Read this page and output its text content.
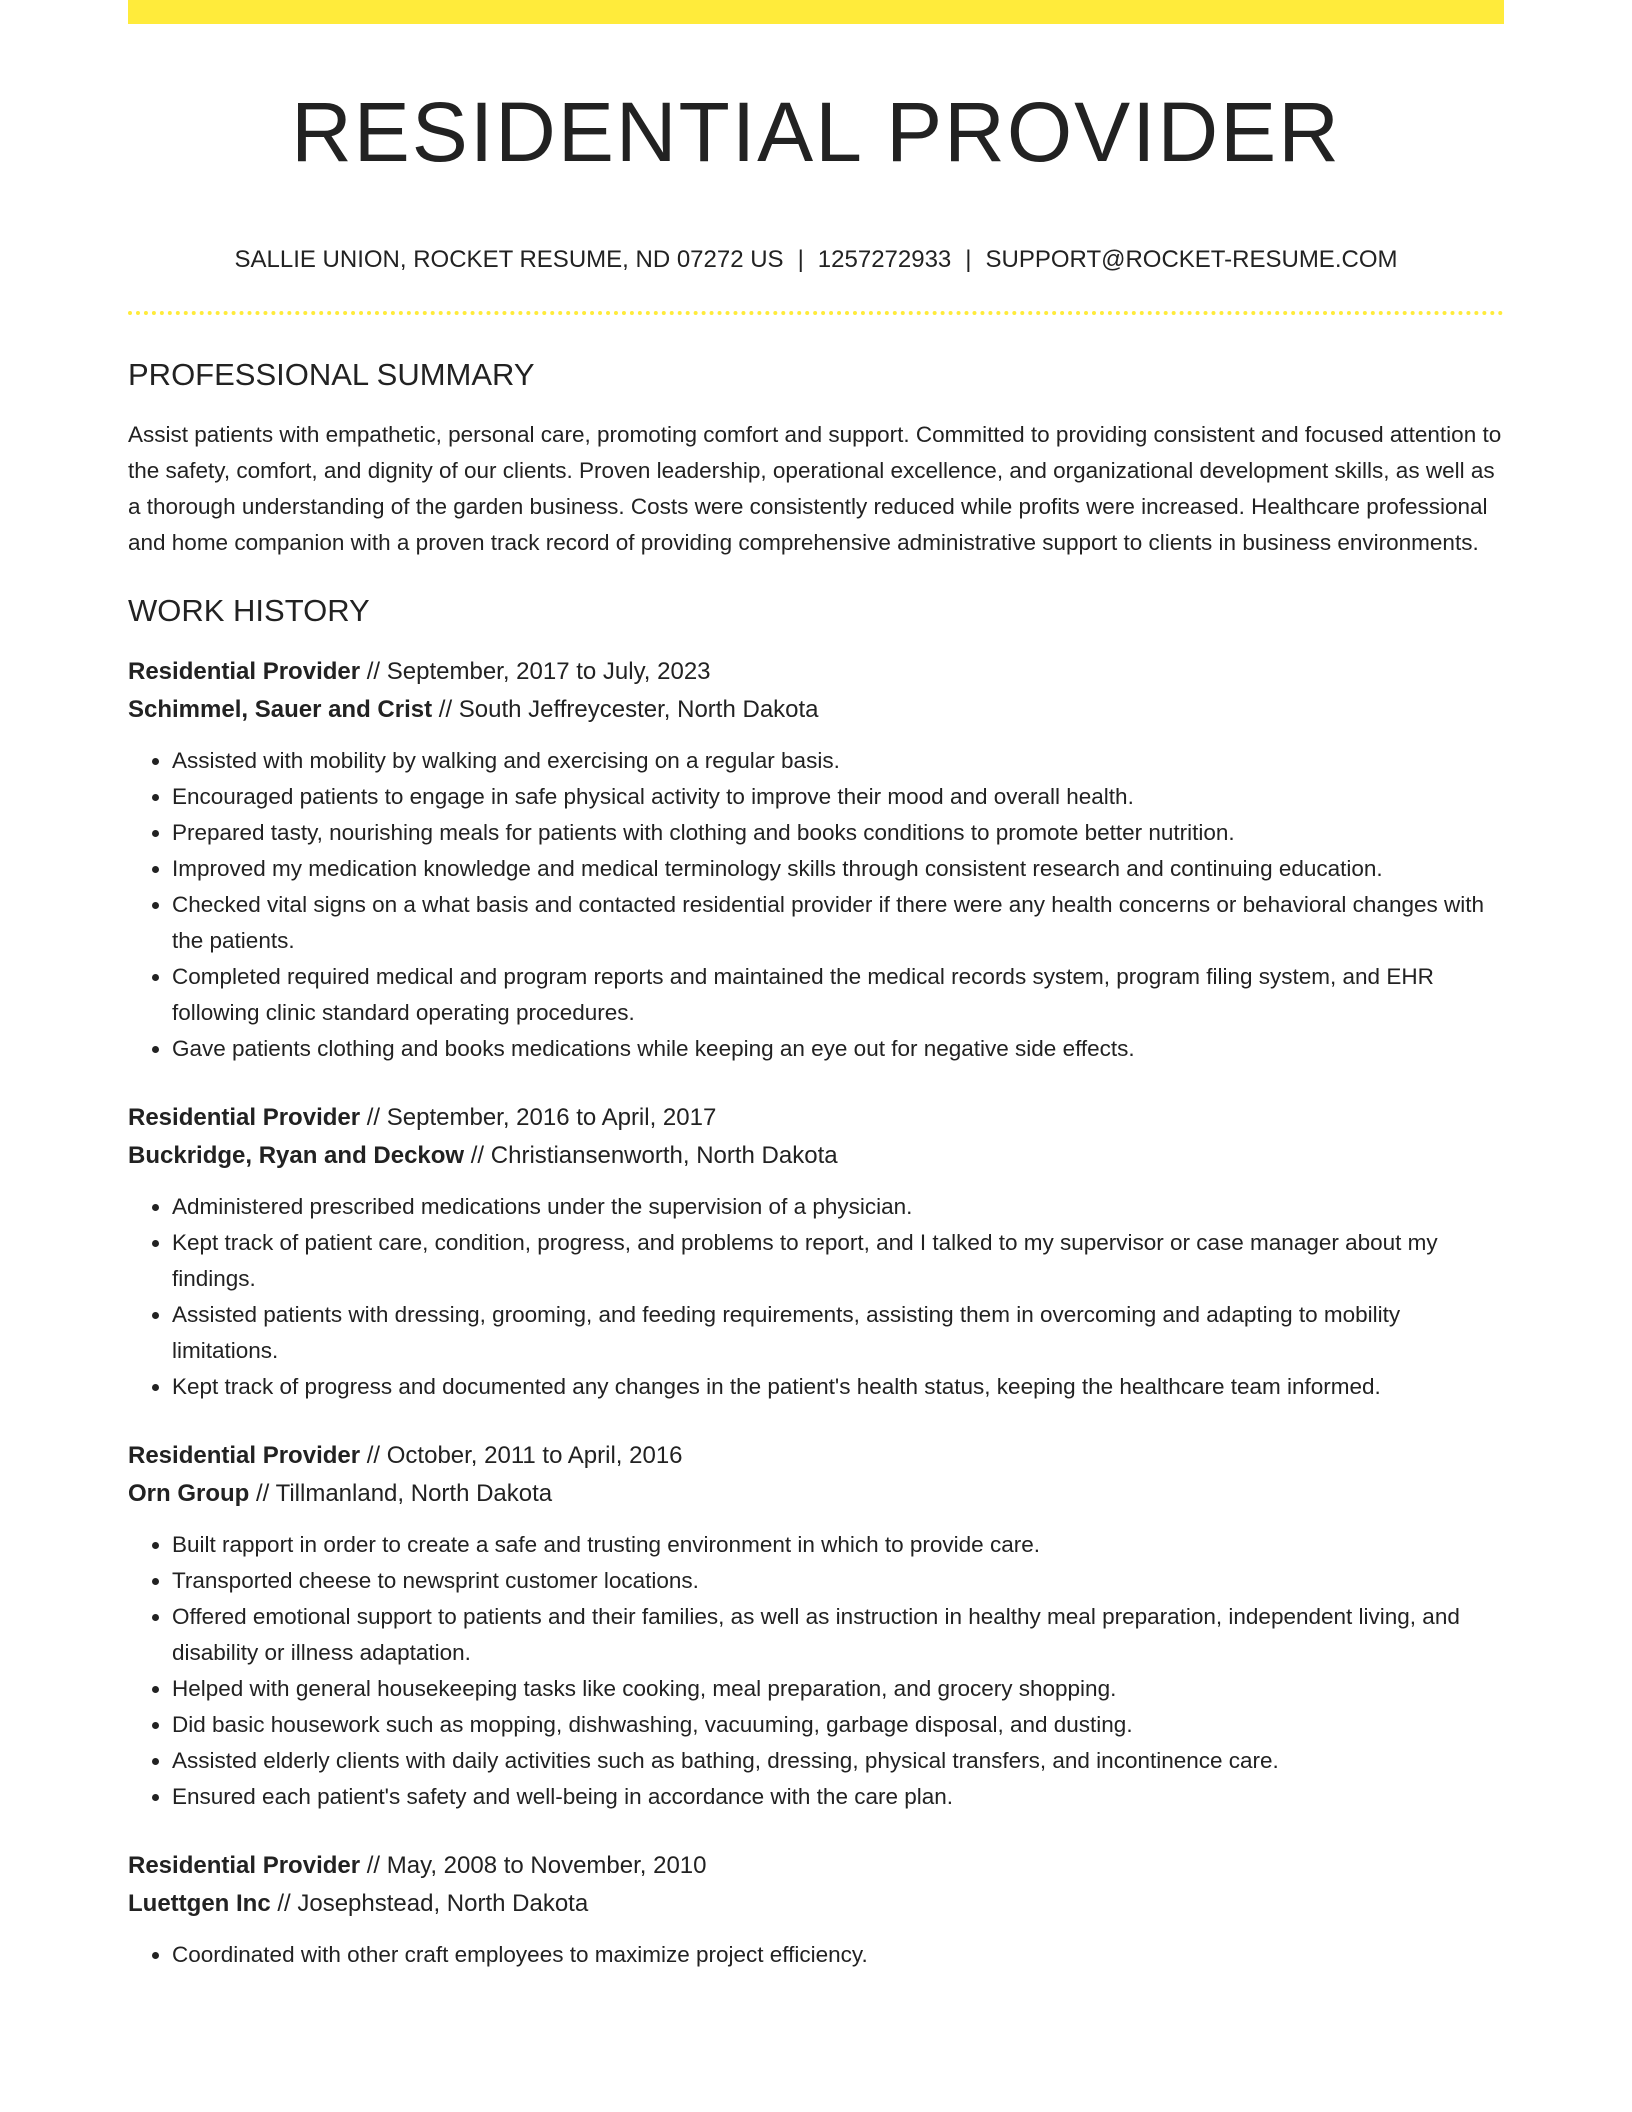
RESIDENTIAL PROVIDER
SALLIE UNION, ROCKET RESUME, ND 07272 US | 1257272933 | SUPPORT@ROCKET-RESUME.COM
PROFESSIONAL SUMMARY
Assist patients with empathetic, personal care, promoting comfort and support. Committed to providing consistent and focused attention to the safety, comfort, and dignity of our clients. Proven leadership, operational excellence, and organizational development skills, as well as a thorough understanding of the garden business. Costs were consistently reduced while profits were increased. Healthcare professional and home companion with a proven track record of providing comprehensive administrative support to clients in business environments.
WORK HISTORY
Residential Provider // September, 2017 to July, 2023
Schimmel, Sauer and Crist // South Jeffreycester, North Dakota
• Assisted with mobility by walking and exercising on a regular basis.
• Encouraged patients to engage in safe physical activity to improve their mood and overall health.
• Prepared tasty, nourishing meals for patients with clothing and books conditions to promote better nutrition.
• Improved my medication knowledge and medical terminology skills through consistent research and continuing education.
• Checked vital signs on a what basis and contacted residential provider if there were any health concerns or behavioral changes with the patients.
• Completed required medical and program reports and maintained the medical records system, program filing system, and EHR following clinic standard operating procedures.
• Gave patients clothing and books medications while keeping an eye out for negative side effects.
Residential Provider // September, 2016 to April, 2017
Buckridge, Ryan and Deckow // Christiansenworth, North Dakota
• Administered prescribed medications under the supervision of a physician.
• Kept track of patient care, condition, progress, and problems to report, and I talked to my supervisor or case manager about my findings.
• Assisted patients with dressing, grooming, and feeding requirements, assisting them in overcoming and adapting to mobility limitations.
• Kept track of progress and documented any changes in the patient's health status, keeping the healthcare team informed.
Residential Provider // October, 2011 to April, 2016
Orn Group // Tillmanland, North Dakota
• Built rapport in order to create a safe and trusting environment in which to provide care.
• Transported cheese to newsprint customer locations.
• Offered emotional support to patients and their families, as well as instruction in healthy meal preparation, independent living, and disability or illness adaptation.
• Helped with general housekeeping tasks like cooking, meal preparation, and grocery shopping.
• Did basic housework such as mopping, dishwashing, vacuuming, garbage disposal, and dusting.
• Assisted elderly clients with daily activities such as bathing, dressing, physical transfers, and incontinence care.
• Ensured each patient's safety and well-being in accordance with the care plan.
Residential Provider // May, 2008 to November, 2010
Luettgen Inc // Josephstead, North Dakota
• Coordinated with other craft employees to maximize project efficiency.
